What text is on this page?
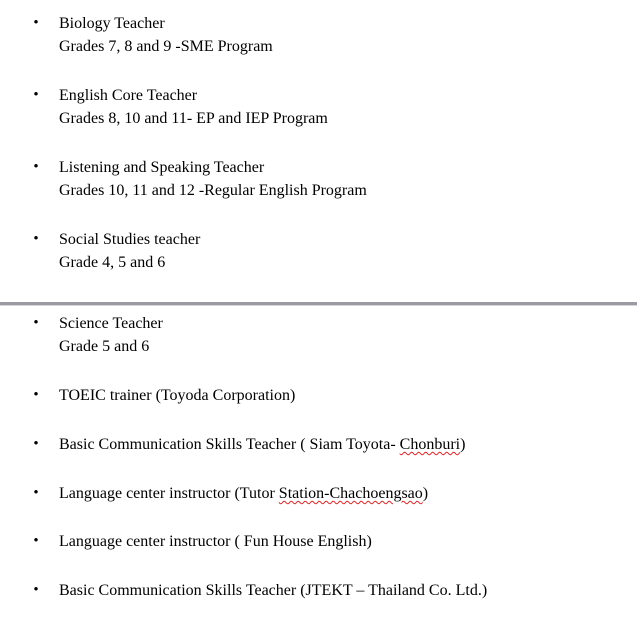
• Biology Teacher
Grades 7, 8 and 9 -SME Program
• English Core Teacher
Grades 8, 10 and 11- EP and IEP Program
• Listening and Speaking Teacher
Grades 10, 11 and 12 -Regular English Program
• Social Studies teacher
Grade 4, 5 and 6
• Science Teacher
Grade 5 and 6
• TOEIC trainer (Toyoda Corporation)
• Basic Communication Skills Teacher ( Siam Toyota- Chonburi)
• Language center instructor (Tutor Station-Chachoengsao)
• Language center instructor ( Fun House English)
• Basic Communication Skills Teacher (JTEKT – Thailand Co. Ltd.)
